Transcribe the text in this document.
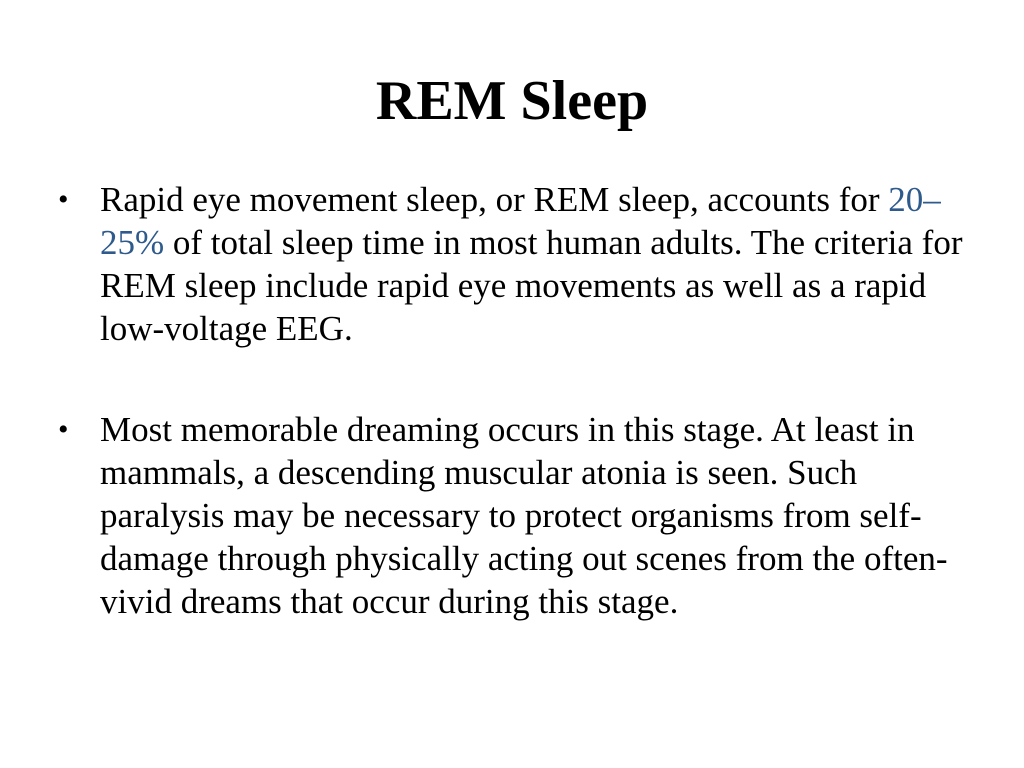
REM Sleep
• Rapid eye movement sleep, or REM sleep, accounts for 20–25% of total sleep time in most human adults. The criteria for REM sleep include rapid eye movements as well as a rapid low-voltage EEG.
• Most memorable dreaming occurs in this stage. At least in mammals, a descending muscular atonia is seen. Such paralysis may be necessary to protect organisms from self-damage through physically acting out scenes from the often-vivid dreams that occur during this stage.
